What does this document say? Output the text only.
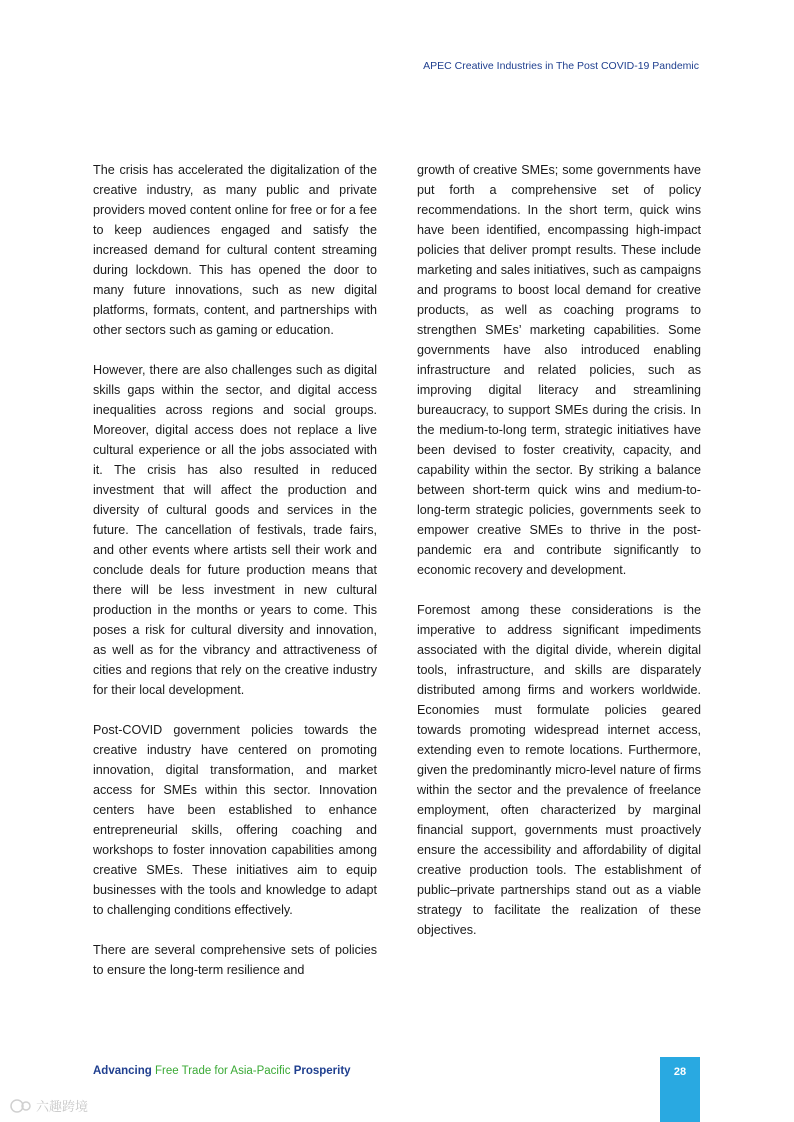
APEC Creative Industries in The Post COVID-19 Pandemic

The crisis has accelerated the digitalization of the creative industry, as many public and private providers moved content online for free or for a fee to keep audiences engaged and satisfy the increased demand for cultural content streaming during lockdown. This has opened the door to many future innovations, such as new digital platforms, formats, content, and partnerships with other sectors such as gaming or education.

However, there are also challenges such as digital skills gaps within the sector, and digital access inequalities across regions and social groups. Moreover, digital access does not replace a live cultural experience or all the jobs associated with it. The crisis has also resulted in reduced investment that will affect the production and diversity of cultural goods and services in the future. The cancellation of festivals, trade fairs, and other events where artists sell their work and conclude deals for future production means that there will be less investment in new cultural production in the months or years to come. This poses a risk for cultural diversity and innovation, as well as for the vibrancy and attractiveness of cities and regions that rely on the creative industry for their local development.

Post-COVID government policies towards the creative industry have centered on promoting innovation, digital transformation, and market access for SMEs within this sector. Innovation centers have been established to enhance entrepreneurial skills, offering coaching and workshops to foster innovation capabilities among creative SMEs. These initiatives aim to equip businesses with the tools and knowledge to adapt to challenging conditions effectively.

There are several comprehensive sets of policies to ensure the long-term resilience and

growth of creative SMEs; some governments have put forth a comprehensive set of policy recommendations. In the short term, quick wins have been identified, encompassing high-impact policies that deliver prompt results. These include marketing and sales initiatives, such as campaigns and programs to boost local demand for creative products, as well as coaching programs to strengthen SMEs’ marketing capabilities. Some governments have also introduced enabling infrastructure and related policies, such as improving digital literacy and streamlining bureaucracy, to support SMEs during the crisis. In the medium-to-long term, strategic initiatives have been devised to foster creativity, capacity, and capability within the sector. By striking a balance between short-term quick wins and medium-to-long-term strategic policies, governments seek to empower creative SMEs to thrive in the post-pandemic era and contribute significantly to economic recovery and development.

Foremost among these considerations is the imperative to address significant impediments associated with the digital divide, wherein digital tools, infrastructure, and skills are disparately distributed among firms and workers worldwide. Economies must formulate policies geared towards promoting widespread internet access, extending even to remote locations. Furthermore, given the predominantly micro-level nature of firms within the sector and the prevalence of freelance employment, often characterized by marginal financial support, governments must proactively ensure the accessibility and affordability of digital creative production tools. The establishment of public–private partnerships stand out as a viable strategy to facilitate the realization of these objectives.

Advancing Free Trade for Asia-Pacific Prosperity	28
六趣跨境
